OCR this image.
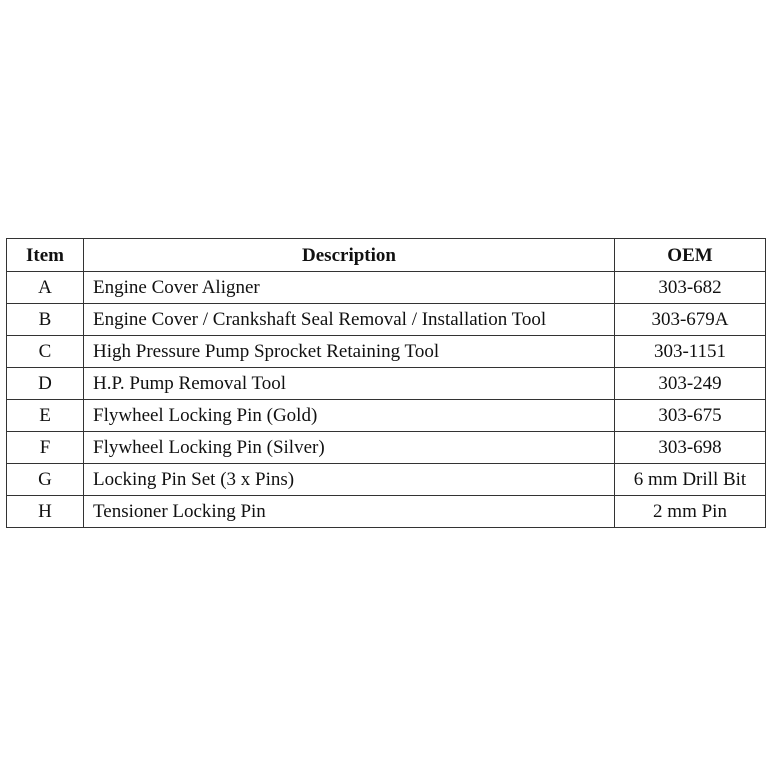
Item	Description	OEM
A	Engine Cover Aligner	303-682
B	Engine Cover / Crankshaft Seal Removal / Installation Tool	303-679A
C	High Pressure Pump Sprocket Retaining Tool	303-1151
D	H.P. Pump Removal Tool	303-249
E	Flywheel Locking Pin (Gold)	303-675
F	Flywheel Locking Pin (Silver)	303-698
G	Locking Pin Set (3 x Pins)	6 mm Drill Bit
H	Tensioner Locking Pin	2 mm Pin
